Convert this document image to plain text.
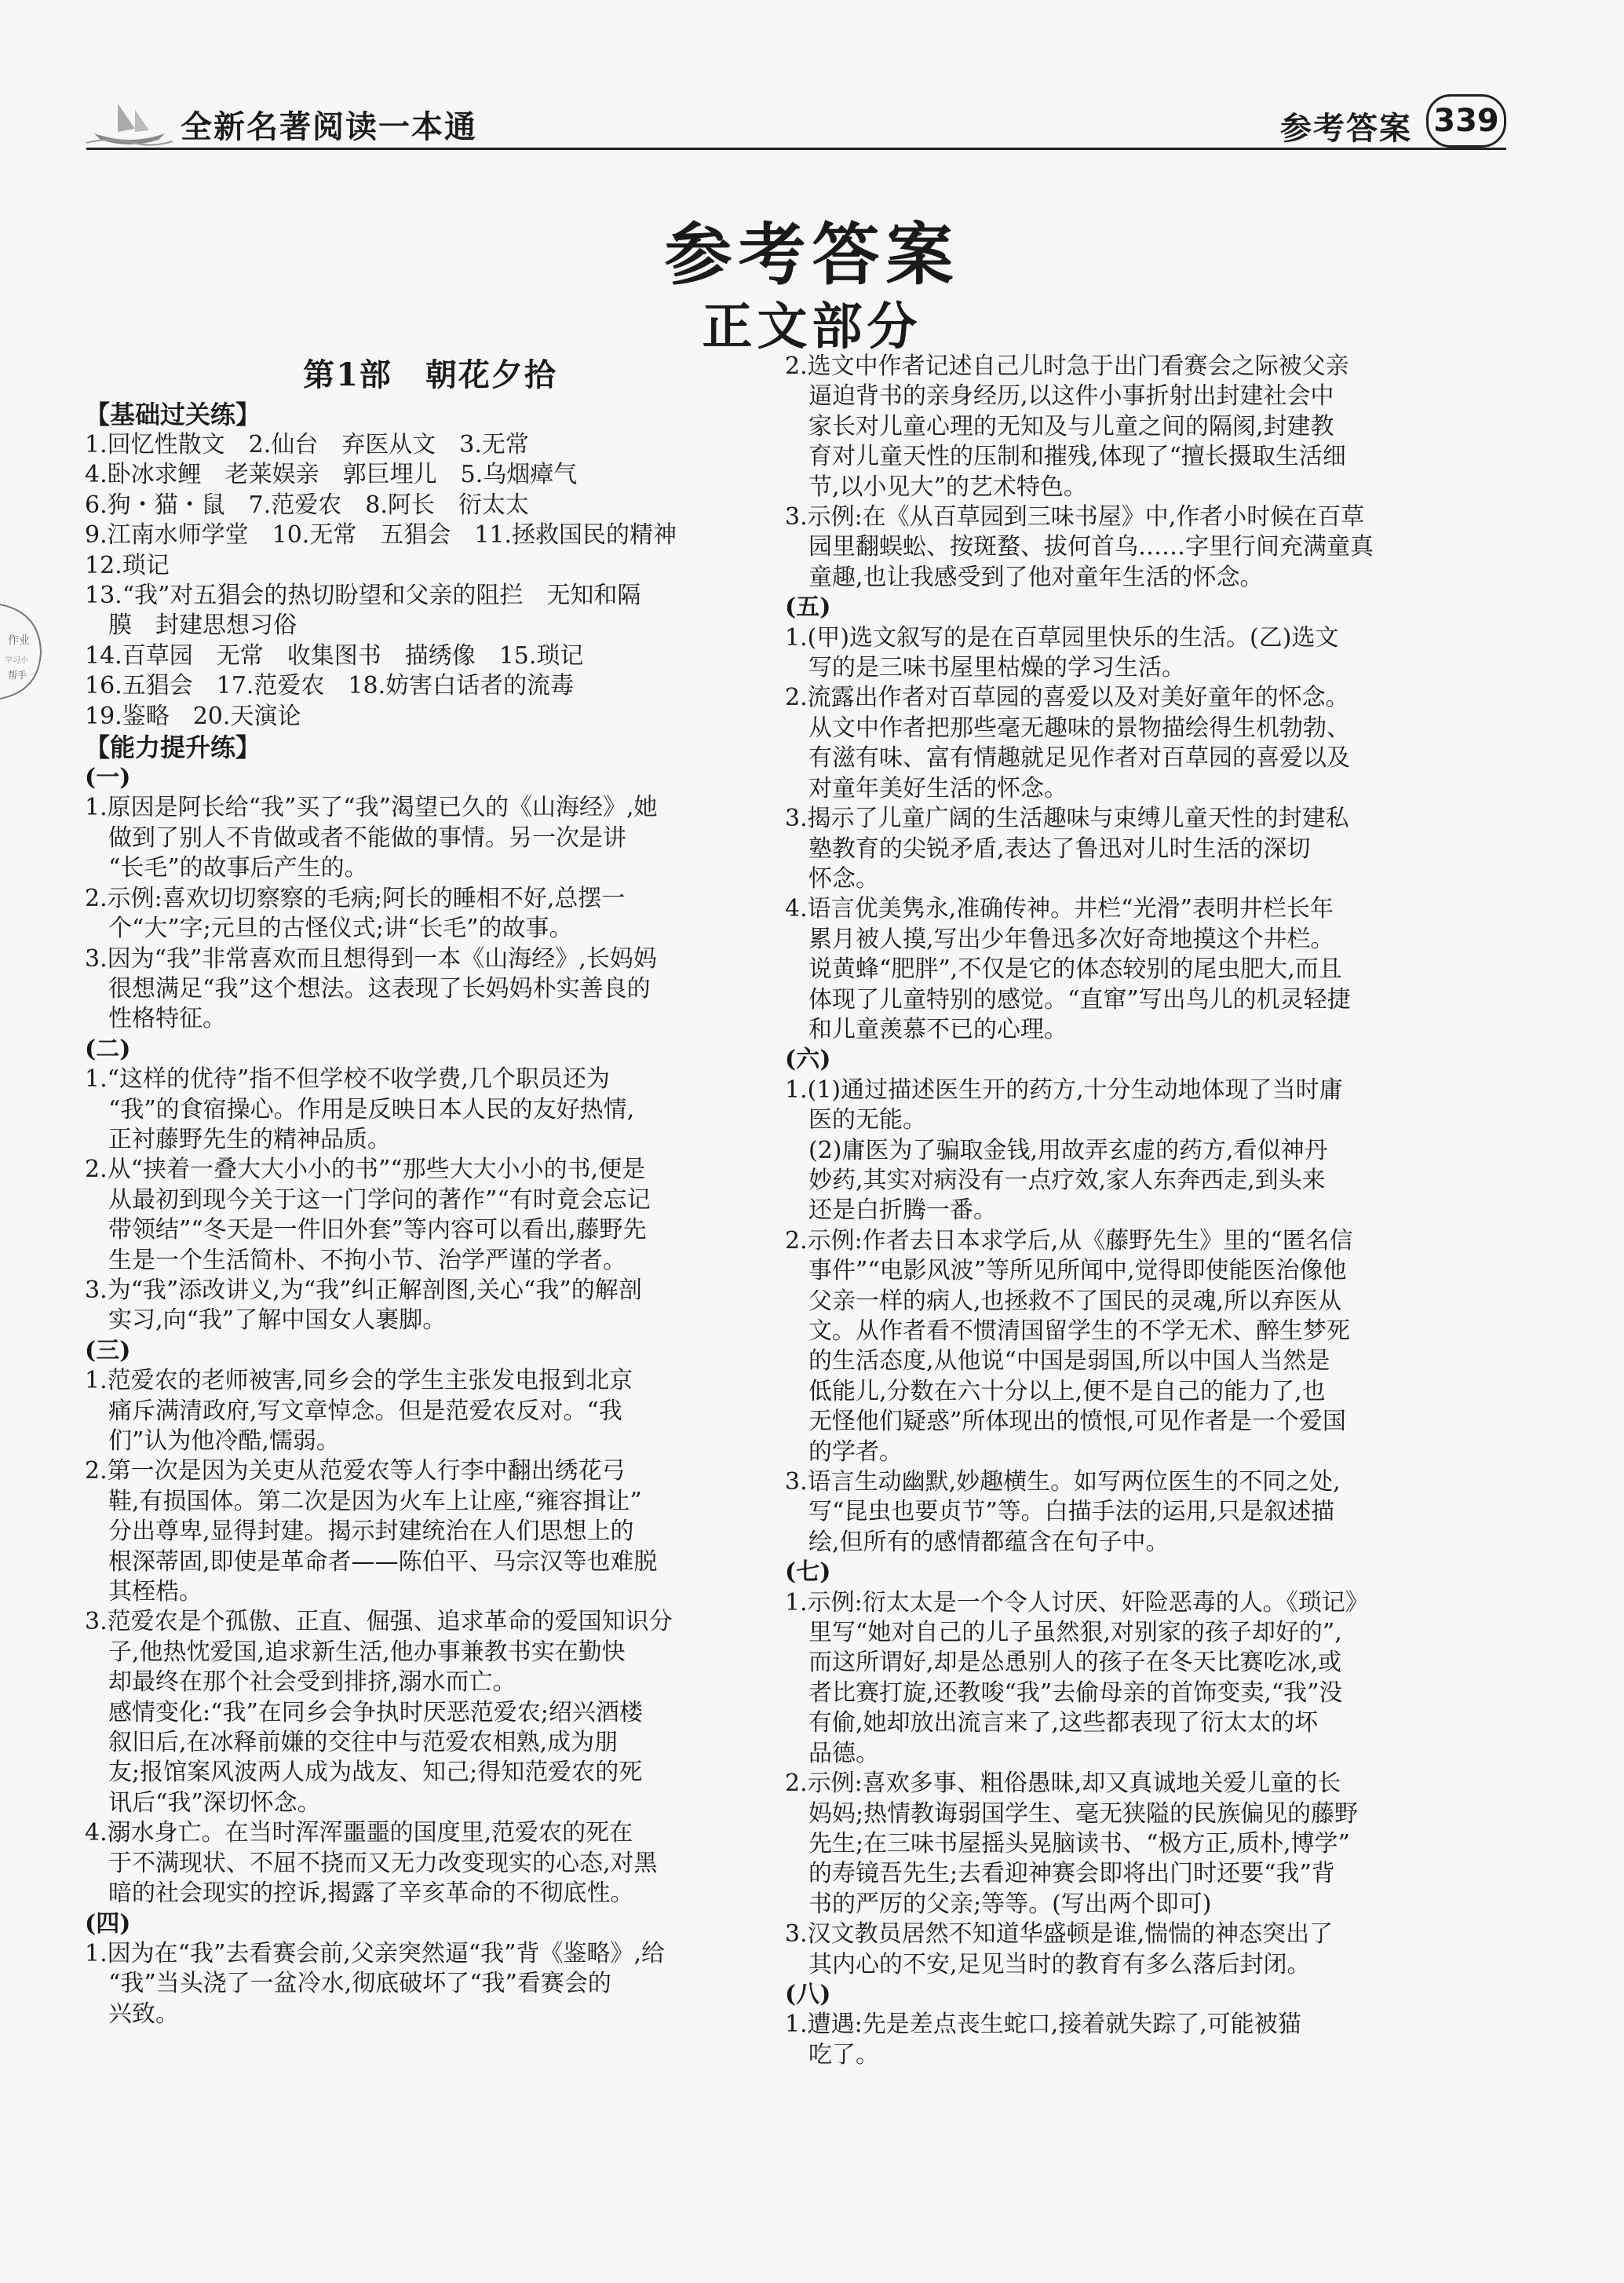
全新名著阅读一本通	参考答案 339
参考答案
正文部分
作业
学习小
帮手
第1部　朝花夕拾
【基础过关练】
1.回忆性散文　2.仙台　弃医从文　3.无常
4.卧冰求鲤　老莱娱亲　郭巨埋儿　5.乌烟瘴气
6.狗・猫・鼠　7.范爱农　8.阿长　衍太太
9.江南水师学堂　10.无常　五猖会　11.拯救国民的精神
12.琐记
13.“我”对五猖会的热切盼望和父亲的阻拦　无知和隔
　膜　封建思想习俗
14.百草园　无常　收集图书　描绣像　15.琐记
16.五猖会　17.范爱农　18.妨害白话者的流毒
19.鉴略　20.天演论
【能力提升练】
(一)
1.原因是阿长给“我”买了“我”渴望已久的《山海经》,她
　做到了别人不肯做或者不能做的事情。另一次是讲
　“长毛”的故事后产生的。
2.示例:喜欢切切察察的毛病;阿长的睡相不好,总摆一
　个“大”字;元旦的古怪仪式;讲“长毛”的故事。
3.因为“我”非常喜欢而且想得到一本《山海经》,长妈妈
　很想满足“我”这个想法。这表现了长妈妈朴实善良的
　性格特征。
(二)
1.“这样的优待”指不但学校不收学费,几个职员还为
　“我”的食宿操心。作用是反映日本人民的友好热情,
　正衬藤野先生的精神品质。
2.从“挟着一叠大大小小的书”“那些大大小小的书,便是
　从最初到现今关于这一门学问的著作”“有时竟会忘记
　带领结”“冬天是一件旧外套”等内容可以看出,藤野先
　生是一个生活简朴、不拘小节、治学严谨的学者。
3.为“我”添改讲义,为“我”纠正解剖图,关心“我”的解剖
　实习,向“我”了解中国女人裹脚。
(三)
1.范爱农的老师被害,同乡会的学生主张发电报到北京
　痛斥满清政府,写文章悼念。但是范爱农反对。“我
　们”认为他冷酷,懦弱。
2.第一次是因为关吏从范爱农等人行李中翻出绣花弓
　鞋,有损国体。第二次是因为火车上让座,“雍容揖让”
　分出尊卑,显得封建。揭示封建统治在人们思想上的
　根深蒂固,即使是革命者——陈伯平、马宗汉等也难脱
　其桎梏。
3.范爱农是个孤傲、正直、倔强、追求革命的爱国知识分
　子,他热忱爱国,追求新生活,他办事兼教书实在勤快
　却最终在那个社会受到排挤,溺水而亡。
　感情变化:“我”在同乡会争执时厌恶范爱农;绍兴酒楼
　叙旧后,在冰释前嫌的交往中与范爱农相熟,成为朋
　友;报馆案风波两人成为战友、知己;得知范爱农的死
　讯后“我”深切怀念。
4.溺水身亡。在当时浑浑噩噩的国度里,范爱农的死在
　于不满现状、不屈不挠而又无力改变现实的心态,对黑
　暗的社会现实的控诉,揭露了辛亥革命的不彻底性。
(四)
1.因为在“我”去看赛会前,父亲突然逼“我”背《鉴略》,给
　“我”当头浇了一盆冷水,彻底破坏了“我”看赛会的
　兴致。
2.选文中作者记述自己儿时急于出门看赛会之际被父亲
　逼迫背书的亲身经历,以这件小事折射出封建社会中
　家长对儿童心理的无知及与儿童之间的隔阂,封建教
　育对儿童天性的压制和摧残,体现了“擅长摄取生活细
　节,以小见大”的艺术特色。
3.示例:在《从百草园到三味书屋》中,作者小时候在百草
　园里翻蜈蚣、按斑蝥、拔何首乌……字里行间充满童真
　童趣,也让我感受到了他对童年生活的怀念。
(五)
1.(甲)选文叙写的是在百草园里快乐的生活。(乙)选文
　写的是三味书屋里枯燥的学习生活。
2.流露出作者对百草园的喜爱以及对美好童年的怀念。
　从文中作者把那些毫无趣味的景物描绘得生机勃勃、
　有滋有味、富有情趣就足见作者对百草园的喜爱以及
　对童年美好生活的怀念。
3.揭示了儿童广阔的生活趣味与束缚儿童天性的封建私
　塾教育的尖锐矛盾,表达了鲁迅对儿时生活的深切
　怀念。
4.语言优美隽永,准确传神。井栏“光滑”表明井栏长年
　累月被人摸,写出少年鲁迅多次好奇地摸这个井栏。
　说黄蜂“肥胖”,不仅是它的体态较别的尾虫肥大,而且
　体现了儿童特别的感觉。“直窜”写出鸟儿的机灵轻捷
　和儿童羡慕不已的心理。
(六)
1.(1)通过描述医生开的药方,十分生动地体现了当时庸
　医的无能。
　(2)庸医为了骗取金钱,用故弄玄虚的药方,看似神丹
　妙药,其实对病没有一点疗效,家人东奔西走,到头来
　还是白折腾一番。
2.示例:作者去日本求学后,从《藤野先生》里的“匿名信
　事件”“电影风波”等所见所闻中,觉得即使能医治像他
　父亲一样的病人,也拯救不了国民的灵魂,所以弃医从
　文。从作者看不惯清国留学生的不学无术、醉生梦死
　的生活态度,从他说“中国是弱国,所以中国人当然是
　低能儿,分数在六十分以上,便不是自己的能力了,也
　无怪他们疑惑”所体现出的愤恨,可见作者是一个爱国
　的学者。
3.语言生动幽默,妙趣横生。如写两位医生的不同之处,
　写“昆虫也要贞节”等。白描手法的运用,只是叙述描
　绘,但所有的感情都蕴含在句子中。
(七)
1.示例:衍太太是一个令人讨厌、奸险恶毒的人。《琐记》
　里写“她对自己的儿子虽然狠,对别家的孩子却好的”,
　而这所谓好,却是怂恿别人的孩子在冬天比赛吃冰,或
　者比赛打旋,还教唆“我”去偷母亲的首饰变卖,“我”没
　有偷,她却放出流言来了,这些都表现了衍太太的坏
　品德。
2.示例:喜欢多事、粗俗愚昧,却又真诚地关爱儿童的长
　妈妈;热情教诲弱国学生、毫无狭隘的民族偏见的藤野
　先生;在三味书屋摇头晃脑读书、“极方正,质朴,博学”
　的寿镜吾先生;去看迎神赛会即将出门时还要“我”背
　书的严厉的父亲;等等。(写出两个即可)
3.汉文教员居然不知道华盛顿是谁,惴惴的神态突出了
　其内心的不安,足见当时的教育有多么落后封闭。
(八)
1.遭遇:先是差点丧生蛇口,接着就失踪了,可能被猫
　吃了。
